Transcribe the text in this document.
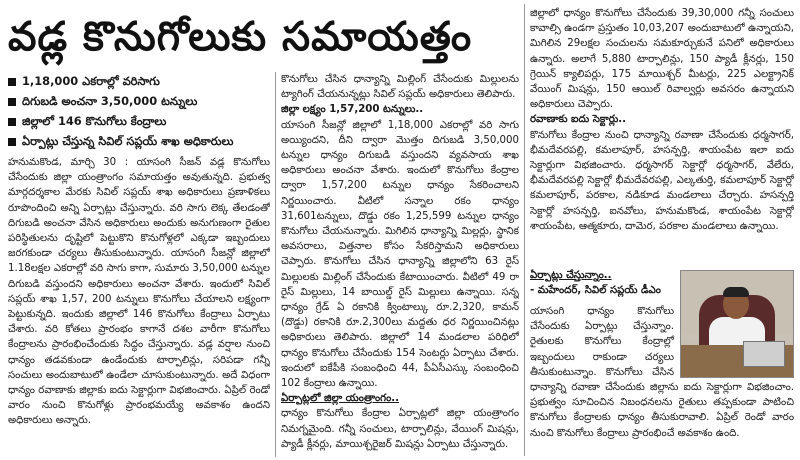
వడ్ల కొనుగోలుకు సమాయత్తం
1,18,000 ఎకరాల్లో వరిసాగు
దిగుబడి అంచనా 3,50,000 టన్నులు
జిల్లాలో 146 కొనుగోలు కేంద్రాలు
ఏర్పాట్లు చేస్తున్న సివిల్ సప్లయ్ శాఖ అధికారులు

హనుమకొండ, మార్చి 30 : యాసంగి సీజన్ వడ్ల కొనుగోలు చేసేందుకు జిల్లా యంత్రాంగం సమాయత్తం అవుతున్నది. ప్రభుత్వ మార్గదర్శకాల మేరకు సివిల్ సప్లయ్ శాఖ అధికారులు ప్రణాళికలు రూపొందించి అన్ని ఏర్పాట్లు చేస్తున్నారు. వరి సాగు లెక్క తేలడంతో దిగుబడి అంచనా వేసిన అధికారులు అందుకు అనుగుణంగా రైతుల పరిస్థితులను దృష్టిలో పెట్టుకొని కొనుగోళ్లలో ఎక్కడా ఇబ్బందులు జరగకుండా చర్యలు తీసుకుంటున్నారు. యాసంగి సీజన్లో జిల్లాలో 1.18లక్షల ఎకరాల్లో వరి సాగు కాగా, సుమారు 3,50,000 టన్నుల దిగుబడి వస్తుందని అధికారులు అంచనా వేశారు. ఇందులో సివిల్ సప్లయ్ శాఖ 1,57, 200 టన్నులు కొనుగోలు చేయాలని లక్ష్యంగా పెట్టుకున్నది. ఇందుకు జిల్లాలో 146 కొనుగోలు కేంద్రాలు ఏర్పాటు చేశారు. వరి కోతలు ప్రారంభం కాగానే దశల వారీగా కొనుగోలు కేంద్రాలను ప్రారంభించేందుకు సిద్ధం చేస్తున్నారు. వడ్ల వర్షాల నుంచి ధాన్యం తడవకుండా ఉండేందుకు టార్పాలిన్లు, సరిపడా గన్నీ సంచులు అందుబాటులో ఉండేలా చూసుకుంటున్నారు. అదే విధంగా ధాన్యం రవాణాకు జిల్లాకు ఐదు సెక్టార్లుగా విభజించారు. ఏప్రిల్ రెండో వారం నుంచి కొనుగోళ్లు ప్రారంభమయ్యే అవకాశం ఉందని అధికారులు అన్నారు.

కొనుగోలు చేసిన ధాన్యాన్ని మిల్లింగ్ చేసేందుకు మిల్లులను ట్యాగింగ్ చేయనున్నట్లు సివిల్ సప్లయ్ అధికారులు తెలిపారు.

జిల్లా లక్ష్యం 1,57,200 టన్నులు..

యాసంగి సీజన్లో జిల్లాలో 1,18,000 ఎకరాల్లో వరి సాగు అయ్యిందని, దీని ద్వారా మొత్తం దిగుబడి 3,50,000 టన్నుల ధాన్యం దిగుబడి వస్తుందని వ్యవసాయ శాఖ అధికారులు అంచనా వేశారు. ఇందులో కొనుగోలు కేంద్రాల ద్వారా 1,57,200 టన్నుల ధాన్యం సేకరించాలని నిర్ణయించారు. వీటిలో సన్నాల రకం ధాన్యం 31,601టన్నులు, దొడ్డు రకం 1,25,599 టన్నుల ధాన్యం కొనుగోలు చేయనున్నారు. మిగిలిన ధాన్యాన్ని మిల్లర్లు, స్థానిక అవసరాలు, విత్తనాల కోసం సేకరిస్తామని అధికారులు చెప్పారు. కొనుగోలు చేసిన ధాన్యాన్ని జిల్లాలోని 63 రైస్ మిల్లులకు మిల్లింగ్ చేసేందుకు కేటాయించారు. వీటిలో 49 రా రైస్ మిల్లులు, 14 బాయిల్డ్ రైస్ మిల్లులు ఉన్నాయి. సన్న ధాన్యం గ్రేడ్ ఏ రకానికి క్వింటాల్కు రూ.2,320, కామన్ (దొడ్డు) రకానికి రూ.2,300లు మద్దతు ధర నిర్ణయించినట్లు అధికారులు తెలిపారు. జిల్లాలో 14 మండలాల పరిధిలో ధాన్యం కొనుగోలు చేసేందుకు 154 సెంటర్లు ఏర్పాటు చేశారు. ఇందులో ఐకేపీకి సంబంధించి 44, పీఏసీఎస్కు సంబంధించి 102 కేంద్రాలు ఉన్నాయి.

ఏర్పాట్లలో జిల్లా యంత్రాంగం..

ధాన్యం కొనుగోలు కేంద్రాల ఏర్పాట్లలో జిల్లా యంత్రాంగం నిమగ్నమైంది. గన్నీ సంచులు, టార్పాలిన్లు, వేయింగ్ మిషన్లు, ప్యాడీ క్లీనర్లు, మాయిశ్చరైజర్ మిషన్లు ఏర్పాటు చేస్తున్నారు.

జిల్లాలో ధాన్యం కొనుగోలు చేసేందుకు 39,30,000 గన్నీ సంచులు కావాల్సి ఉండగా ప్రస్తుతం 10,03,207 అందుబాటులో ఉన్నాయని, మిగిలిన 29లక్షల సంచులను సమకూర్చుకునే పనిలో అధికారులు ఉన్నారు. అలాగే 5,880 టార్పాలిన్లు, 150 ప్యాడీ క్లీనర్లు, 150 గ్రెయిన్ క్యాలిపర్లు, 175 మాయిశ్చర్ మీటర్లు, 225 ఎలక్ట్రానిక్ వేయింగ్ మిషన్లు, 150 ఆయిల్ రివాల్వర్లు అవసరం ఉన్నాయని అధికారులు చెప్పారు.

రవాణాకు ఐదు సెక్టార్లు..

కొనుగోలు కేంద్రాల నుంచి ధాన్యాన్ని రవాణా చేసేందుకు ధర్మసాగర్, భీమదేవరపల్లి, కమలాపూర్, హసన్పర్తి, శాయంపేట ఇలా ఐదు సెక్టార్లుగా విభజించారు. ధర్మసాగర్ సెక్టార్లో ధర్మసాగర్, వేలేరు, భీమదేవరపల్లి సెక్టార్లో భీమదేవరపల్లి, ఎల్కతుర్తి, కమలాపూర్ సెక్టార్లో కమలాపూర్, పరకాల, నడికూడ మండలాలు చేర్చారు. హసన్పర్తి సెక్టార్లో హసన్పర్తి, ఐనవోలు, హనుమకొండ, శాయంపేట సెక్టార్లో శాయంపేట, ఆత్మకూరు, దామెర, పరకాల మండలాలు ఉన్నాయి.

ఏర్పాట్లు చేస్తున్నాం..
- మహేందర్, సివిల్ సప్లయ్ డీఎం

యాసంగి ధాన్యం కొనుగోలు చేసేందుకు ఏర్పాట్లు చేస్తున్నాం. రైతులకు కొనుగోలు కేంద్రాల్లో ఇబ్బందులు రాకుండా చర్యలు తీసుకుంటున్నాం. కొనుగోలు చేసిన ధాన్యాన్ని రవాణా చేసేందుకు జిల్లాను ఐదు సెక్టార్లుగా విభజించాం. ప్రభుత్వం సూచించిన నిబంధనలను రైతులు తప్పకుండా పాటించి కొనుగోలు కేంద్రాలకు ధాన్యం తీసుకురావాలి. ఏప్రిల్ రెండో వారం నుంచి కొనుగోలు కేంద్రాలు ప్రారంభించే అవకాశం ఉంది.
